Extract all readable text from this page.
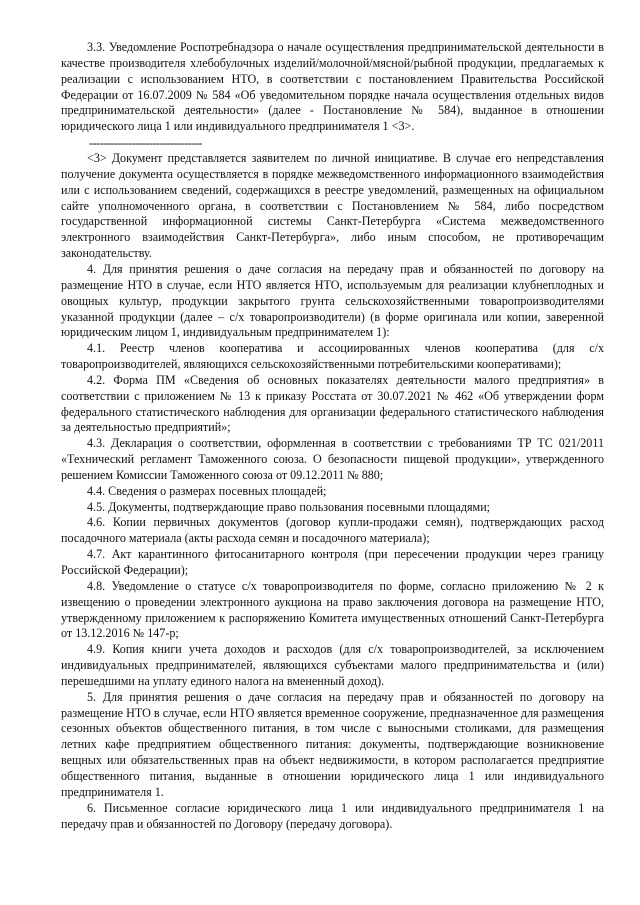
3.3. Уведомление Роспотребнадзора о начале осуществления предпринимательской деятельности в качестве производителя хлебобулочных изделий/молочной/мясной/рыбной продукции, предлагаемых к реализации с использованием НТО, в соответствии с постановлением Правительства Российской Федерации от 16.07.2009 № 584 «Об уведомительном порядке начала осуществления отдельных видов предпринимательской деятельности» (далее - Постановление № 584), выданное в отношении юридического лица 1 или индивидуального предпринимателя 1 <3>.

--------------------------------

<3> Документ представляется заявителем по личной инициативе. В случае его непредставления получение документа осуществляется в порядке межведомственного информационного взаимодействия или с использованием сведений, содержащихся в реестре уведомлений, размещенных на официальном сайте уполномоченного органа, в соответствии с Постановлением № 584, либо посредством государственной информационной системы Санкт-Петербурга «Система межведомственного электронного взаимодействия Санкт-Петербурга», либо иным способом, не противоречащим законодательству.

4. Для принятия решения о даче согласия на передачу прав и обязанностей по договору на размещение НТО в случае, если НТО является НТО, используемым для реализации клубнеплодных и овощных культур, продукции закрытого грунта сельскохозяйственными товаропроизводителями указанной продукции (далее – с/х товаропроизводители) (в форме оригинала или копии, заверенной юридическим лицом 1, индивидуальным предпринимателем 1):

4.1. Реестр членов кооператива и ассоциированных членов кооператива (для с/х товаропроизводителей, являющихся сельскохозяйственными потребительскими кооперативами);

4.2. Форма ПМ «Сведения об основных показателях деятельности малого предприятия» в соответствии с приложением № 13 к приказу Росстата от 30.07.2021 № 462 «Об утверждении форм федерального статистического наблюдения для организации федерального статистического наблюдения за деятельностью предприятий»;

4.3. Декларация о соответствии, оформленная в соответствии с требованиями ТР ТС 021/2011 «Технический регламент Таможенного союза. О безопасности пищевой продукции», утвержденного решением Комиссии Таможенного союза от 09.12.2011 № 880;

4.4. Сведения о размерах посевных площадей;

4.5. Документы, подтверждающие право пользования посевными площадями;

4.6. Копии первичных документов (договор купли-продажи семян), подтверждающих расход посадочного материала (акты расхода семян и посадочного материала);

4.7. Акт карантинного фитосанитарного контроля (при пересечении продукции через границу Российской Федерации);

4.8. Уведомление о статусе с/х товаропроизводителя по форме, согласно приложению № 2 к извещению о проведении электронного аукциона на право заключения договора на размещение НТО, утвержденному приложением к распоряжению Комитета имущественных отношений Санкт-Петербурга от 13.12.2016 № 147-р;

4.9. Копия книги учета доходов и расходов (для с/х товаропроизводителей, за исключением индивидуальных предпринимателей, являющихся субъектами малого предпринимательства и (или) перешедшими на уплату единого налога на вмененный доход).

5. Для принятия решения о даче согласия на передачу прав и обязанностей по договору на размещение НТО в случае, если НТО является временное сооружение, предназначенное для размещения сезонных объектов общественного питания, в том числе с выносными столиками, для размещения летних кафе предприятием общественного питания: документы, подтверждающие возникновение вещных или обязательственных прав на объект недвижимости, в котором располагается предприятие общественного питания, выданные в отношении юридического лица 1 или индивидуального предпринимателя 1.

6. Письменное согласие юридического лица 1 или индивидуального предпринимателя 1 на передачу прав и обязанностей по Договору (передачу договора).
